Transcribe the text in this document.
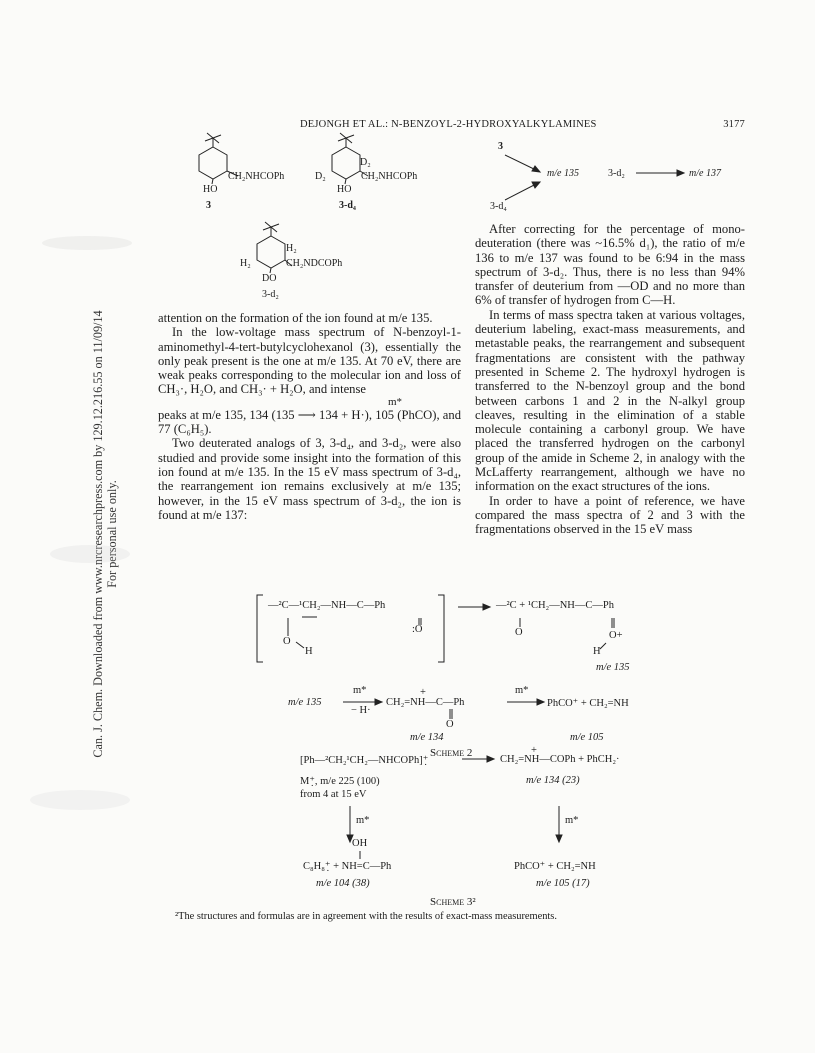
DEJONGH ET AL.: N-BENZOYL-2-HYDROXYALKYLAMINES	3177
Can. J. Chem. Downloaded from www.nrcresearchpress.com by 129.12.216.55 on 11/09/14 For personal use only.
CH₂NHCOPh
HO
3
D₂
D₂	CH₂NHCOPh
HO
3-d₄
H₂
H₂	CH₂NDCOPh
DO
3-d₂
3
m/e 135
3-d₄
3-d₂	m/e 137

attention on the formation of the ion found at m/e 135.

In the low-voltage mass spectrum of N-benzoyl-1-aminomethyl-4-tert-butylcyclohexanol (3), essentially the only peak present is the one at m/e 135. At 70 eV, there are weak peaks corresponding to the molecular ion and loss of CH₃·, H₂O, and CH₃· + H₂O, and intense

m*

peaks at m/e 135, 134 (135 ⟶ 134 + H·), 105 (PhCO), and 77 (C₆H₅).

Two deuterated analogs of 3, 3-d₄, and 3-d₂, were also studied and provide some insight into the formation of this ion found at m/e 135. In the 15 eV mass spectrum of 3-d₄, the rearrangement ion remains exclusively at m/e 135; however, in the 15 eV mass spectrum of 3-d₂, the ion is found at m/e 137:

After correcting for the percentage of mono-deuteration (there was ~16.5% d₁), the ratio of m/e 136 to m/e 137 was found to be 6:94 in the mass spectrum of 3-d₂. Thus, there is no less than 94% transfer of deuterium from —OD and no more than 6% of transfer of hydrogen from C—H.

In terms of mass spectra taken at various voltages, deuterium labeling, exact-mass measurements, and metastable peaks, the rearrangement and subsequent fragmentations are consistent with the pathway presented in Scheme 2. The hydroxyl hydrogen is transferred to the N-benzoyl group and the bond between carbons 1 and 2 in the N-alkyl group cleaves, resulting in the elimination of a stable molecule containing a carbonyl group. We have placed the transferred hydrogen on the carbonyl group of the amide in Scheme 2, in analogy with the McLafferty rearrangement, although we have no information on the exact structures of the ions.

In order to have a point of reference, we have compared the mass spectra of 2 and 3 with the fragmentations observed in the 15 eV mass

—²C—¹CH₂—NH—C—Ph
O
H
:O
—²C + ¹CH₂—NH—C—Ph
O
H
O+
m/e 135
m/e 135
m*
− H·
+
CH₂=NH—C—Ph
O
m/e 134
m*
PhCO⁺ + CH₂=NH
m/e 105
Scheme 2
[Ph—²CH₂¹CH₂—NHCOPh]⁺̣
+
CH₂=NH—COPh + PhCH₂·
M⁺̣, m/e 225 (100)
from 4 at 15 eV
m/e 134 (23)
m*	m*
OH
C₈H₈⁺̣ + NH=C—Ph
m/e 104 (38)
PhCO⁺ + CH₂=NH
m/e 105 (17)
Scheme 3²
²The structures and formulas are in agreement with the results of exact-mass measurements.
